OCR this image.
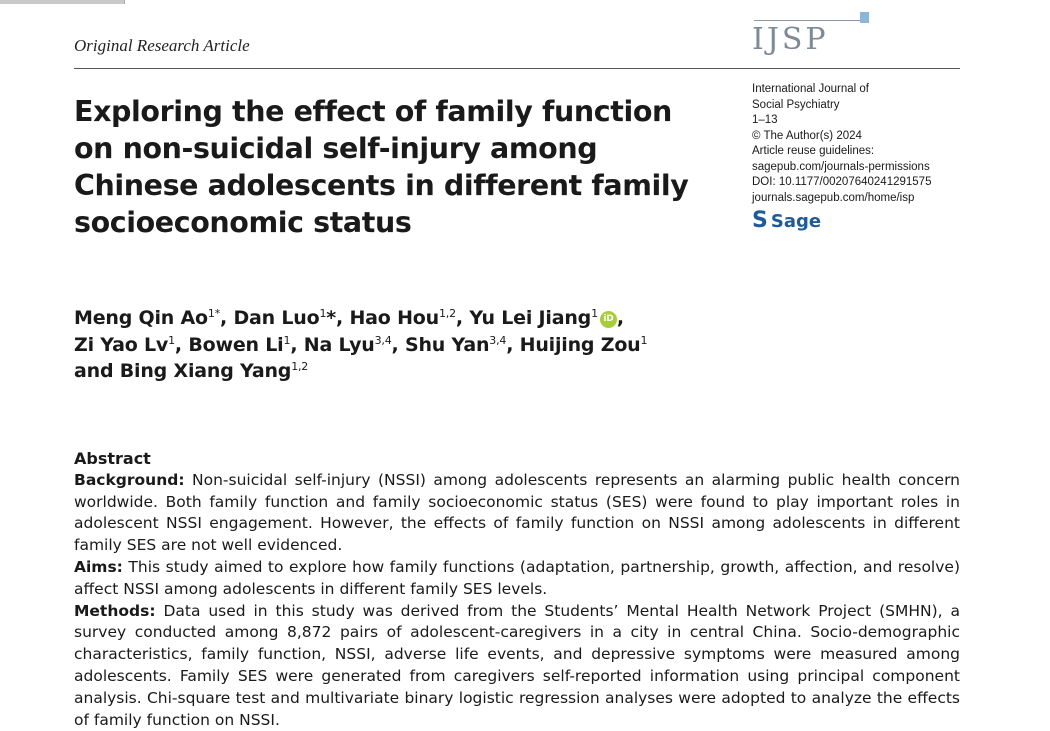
Original Research Article	IJSP
Exploring the effect of family function on non-suicidal self-injury among Chinese adolescents in different family socioeconomic status
International Journal of
Social Psychiatry
1–13
© The Author(s) 2024
Article reuse guidelines:
sagepub.com/journals-permissions
DOI: 10.1177/00207640241291575
journals.sagepub.com/home/isp
S Sage
Meng Qin $Ao^{1*}$, Dan Luo$^1$*, Hao Hou$^{1,2}$, Yu Lei Jiang$^1$ iD ,
Zi Yao Lv$^1$, Bowen Li$^1$, Na Lyu$^{3,4}$, Shu Yan$^{3,4}$, Huijing Zou$^1$
and Bing Xiang Yang$^{1,2}$
Abstract

Background: Non-suicidal self-injury (NSSI) among adolescents represents an alarming public health concern worldwide. Both family function and family socioeconomic status (SES) were found to play important roles in adolescent NSSI engagement. However, the effects of family function on NSSI among adolescents in different family SES are not well evidenced.

Aims: This study aimed to explore how family functions (adaptation, partnership, growth, affection, and resolve) affect NSSI among adolescents in different family SES levels.

Methods: Data used in this study was derived from the Students’ Mental Health Network Project (SMHN), a survey conducted among 8,872 pairs of adolescent-caregivers in a city in central China. Socio-demographic characteristics, family function, NSSI, adverse life events, and depressive symptoms were measured among adolescents. Family SES were generated from caregivers self-reported information using principal component analysis. Chi-square test and multivariate binary logistic regression analyses were adopted to analyze the effects of family function on NSSI.
